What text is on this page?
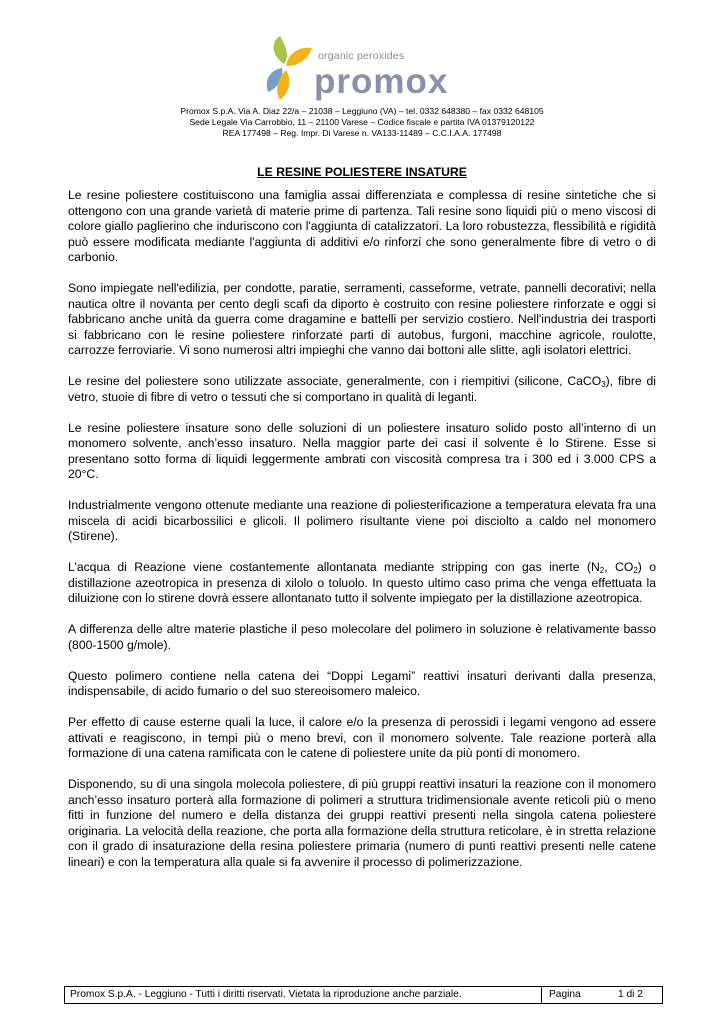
organic peroxides
promox
Promox S.p.A. Via A. Diaz 22/a – 21038 – Leggiuno (VA) – tel. 0332 648380 – fax 0332 648105
Sede Legale Via Carrobbio, 11 – 21100 Varese – Codice fiscale e partita IVA 01379120122
REA 177498 – Reg. Impr. Di Varese n. VA133-11489 – C.C.I.A.A. 177498
LE RESINE POLIESTERE INSATURE

Le resine poliestere costituiscono una famiglia assai differenziata e complessa di resine sintetiche che si ottengono con una grande varietà di materie prime di partenza. Tali resine sono liquidi più o meno viscosi di colore giallo paglierino che induriscono con l'aggiunta di catalizzatori. La loro robustezza, flessibilità e rigidità può essere modificata mediante l'aggiunta di additivi e/o rinforzi che sono generalmente fibre di vetro o di carbonio.

Sono impiegate nell'edilizia, per condotte, paratie, serramenti, casseforme, vetrate, pannelli decorativi; nella nautica oltre il novanta per cento degli scafi da diporto è costruito con resine poliestere rinforzate e oggi si fabbricano anche unità da guerra come dragamine e battelli per servizio costiero. Nell'industria dei trasporti si fabbricano con le resine poliestere rinforzate parti di autobus, furgoni, macchine agricole, roulotte, carrozze ferroviarie. Vi sono numerosi altri impieghi che vanno dai bottoni alle slitte, agli isolatori elettrici.

Le resine del poliestere sono utilizzate associate, generalmente, con i riempitivi (silicone, CaCO$_3$), fibre di vetro, stuoie di fibre di vetro o tessuti che si comportano in qualità di leganti.

Le resine poliestere insature sono delle soluzioni di un poliestere insaturo solido posto all’interno di un monomero solvente, anch’esso insaturo. Nella maggior parte dei casi il solvente è lo Stirene. Esse si presentano sotto forma di liquidi leggermente ambrati con viscosità compresa tra i 300 ed i 3.000 CPS a 20°C.

Industrialmente vengono ottenute mediante una reazione di poliesterificazione a temperatura elevata fra una miscela di acidi bicarbossilici e glicoli. Il polimero risultante viene poi disciolto a caldo nel monomero (Stirene).

L’acqua di Reazione viene costantemente allontanata mediante stripping con gas inerte ($N_2$, $CO_2$) o distillazione azeotropica in presenza di xilolo o toluolo. In questo ultimo caso prima che venga effettuata la diluizione con lo stirene dovrà essere allontanato tutto il solvente impiegato per la distillazione azeotropica.

A differenza delle altre materie plastiche il peso molecolare del polimero in soluzione è relativamente basso (800-1500 g/mole).

Questo polimero contiene nella catena dei “Doppi Legami” reattivi insaturi derivanti dalla presenza, indispensabile, di acido fumario o del suo stereoisomero maleico.

Per effetto di cause esterne quali la luce, il calore e/o la presenza di perossidi i legami vengono ad essere attivati e reagiscono, in tempi più o meno brevi, con il monomero solvente. Tale reazione porterà alla formazione di una catena ramificata con le catene di poliestere unite da più ponti di monomero.

Disponendo, su di una singola molecola poliestere, di più gruppi reattivi insaturi la reazione con il monomero anch’esso insaturo porterà alla formazione di polimeri a struttura tridimensionale avente reticoli più o meno fitti in funzione del numero e della distanza dei gruppi reattivi presenti nella singola catena poliestere originaria. La velocità della reazione, che porta alla formazione della struttura reticolare, è in stretta relazione con il grado di insaturazione della resina poliestere primaria (numero di punti reattivi presenti nelle catene lineari) e con la temperatura alla quale si fa avvenire il processo di polimerizzazione.

Promox S.p.A. - Leggiuno - Tutti i diritti riservati. Vietata la riproduzione anche parziale.	Pagina	1 di 2
